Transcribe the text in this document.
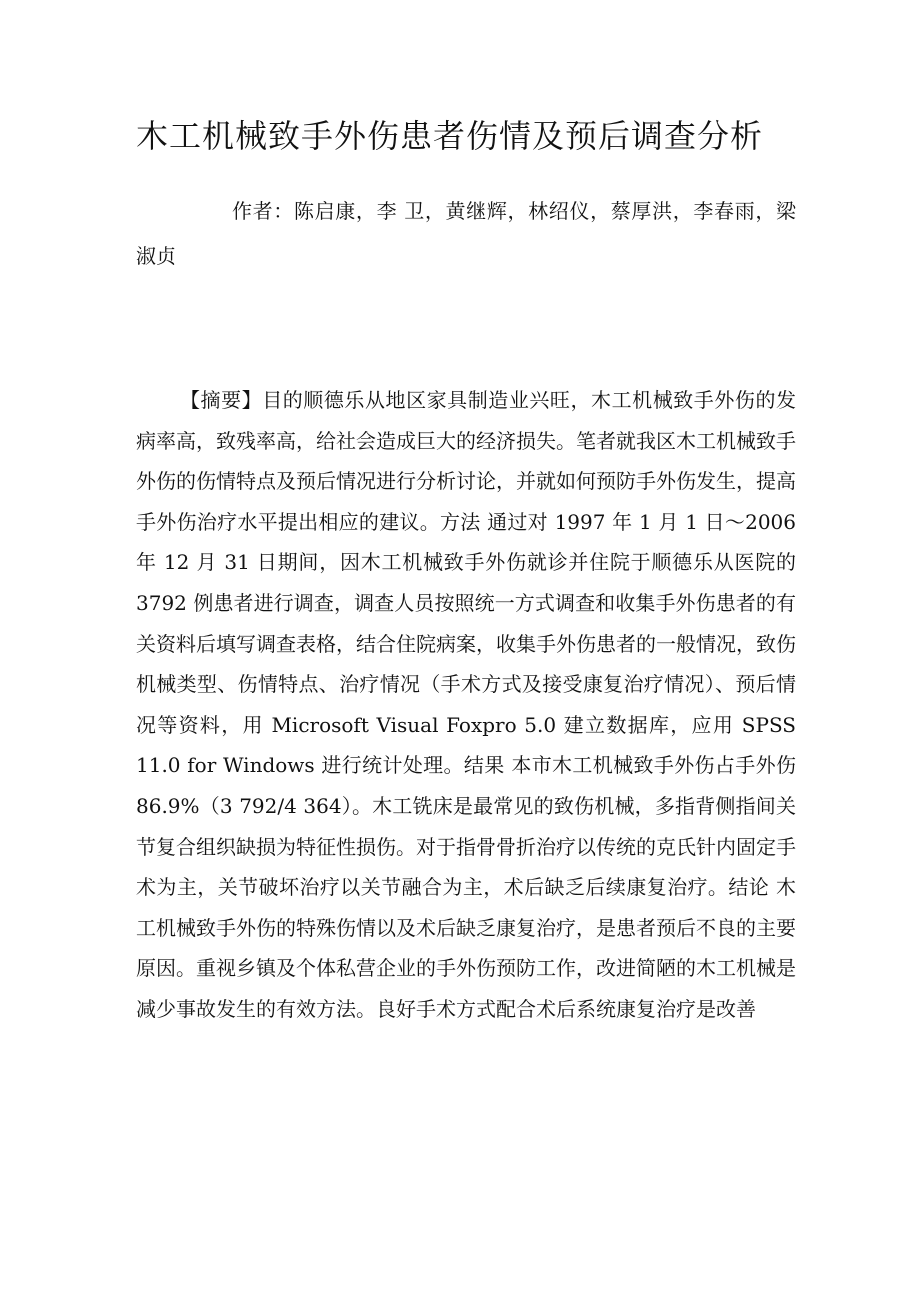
木工机械致手外伤患者伤情及预后调查分析

作者：陈启康，李 卫，黄继辉，林绍仪，蔡厚洪，李春雨，梁淑贞

【摘要】目的顺德乐从地区家具制造业兴旺，木工机械致手外伤的发病率高，致残率高，给社会造成巨大的经济损失。笔者就我区木工机械致手外伤的伤情特点及预后情况进行分析讨论，并就如何预防手外伤发生，提高手外伤治疗水平提出相应的建议。方法 通过对 1997 年 1 月 1 日～2006 年 12 月 31 日期间，因木工机械致手外伤就诊并住院于顺德乐从医院的 3792 例患者进行调查，调查人员按照统一方式调查和收集手外伤患者的有关资料后填写调查表格，结合住院病案，收集手外伤患者的一般情况，致伤机械类型、伤情特点、治疗情况（手术方式及接受康复治疗情况）、预后情况等资料，用 Microsoft Visual Foxpro 5.0 建立数据库，应用 SPSS 11.0 for Windows 进行统计处理。结果 本市木工机械致手外伤占手外伤 86.9%（3 792/4 364）。木工铣床是最常见的致伤机械，多指背侧指间关节复合组织缺损为特征性损伤。对于指骨骨折治疗以传统的克氏针内固定手术为主，关节破坏治疗以关节融合为主，术后缺乏后续康复治疗。结论 木工机械致手外伤的特殊伤情以及术后缺乏康复治疗，是患者预后不良的主要原因。重视乡镇及个体私营企业的手外伤预防工作，改进简陋的木工机械是减少事故发生的有效方法。良好手术方式配合术后系统康复治疗是改善
